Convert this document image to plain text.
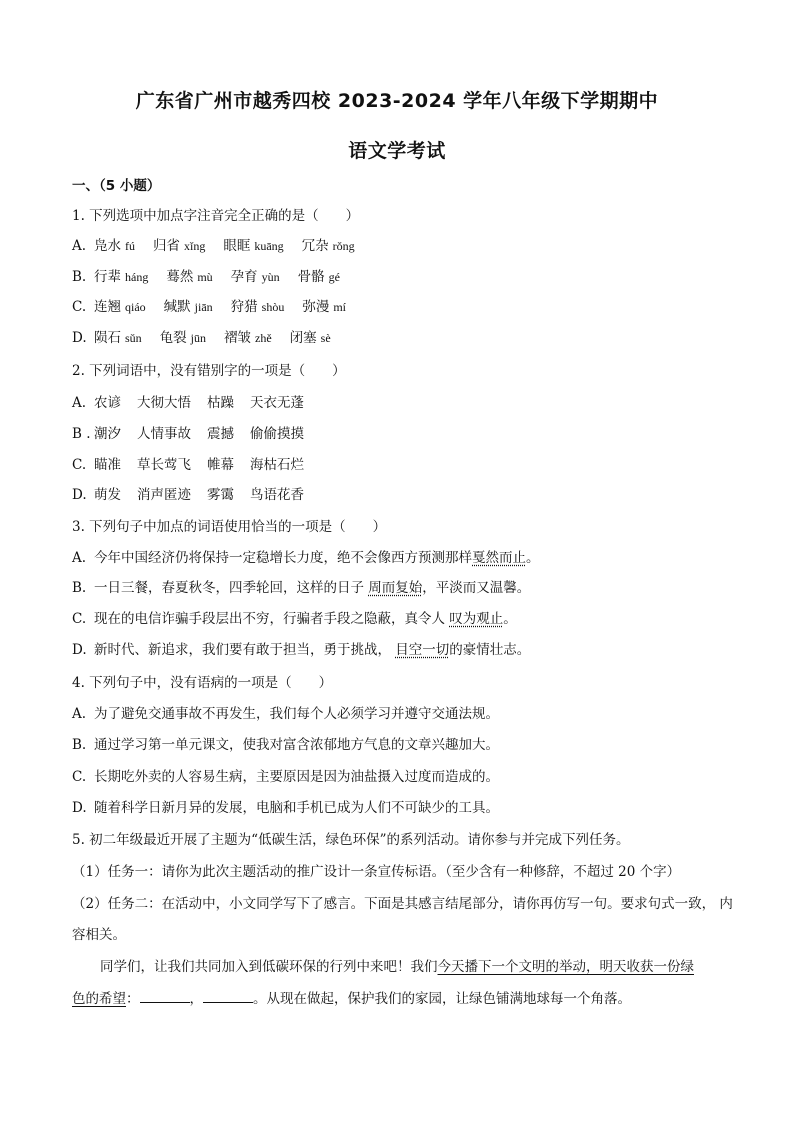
广东省广州市越秀四校 2023-2024 学年八年级下学期期中
语文学考试
一、（5 小题）
1. 下列选项中加点字注音完全正确的是（　　）
A. 凫水 fú 归省 xǐng 眼眶 kuāng 冗杂 rǒng
B. 行辈 háng 蓦然 mù 孕育 yùn 骨骼 gé
C. 连翘 qiáo 缄默 jiān 狩猎 shòu 弥漫 mí
D. 陨石 sǔn 龟裂 jūn 褶皱 zhě 闭塞 sè
2. 下列词语中，没有错别字的一项是（　　）
A. 农谚 大彻大悟 枯躁 天衣无蓬
B . 潮汐 人情事故 震撼 偷偷摸摸
C. 瞄准 草长莺飞 帷幕 海枯石烂
D. 萌发 消声匿迹 雾霭 鸟语花香
3. 下列句子中加点的词语使用恰当的一项是（　　）
A. 今年中国经济仍将保持一定稳增长力度，绝不会像西方预测那样戛然而止。
B. 一日三餐，春夏秋冬，四季轮回，这样的日子 周而复始，平淡而又温馨。
C. 现在的电信诈骗手段层出不穷，行骗者手段之隐蔽，真令人 叹为观止。
D. 新时代、新追求，我们要有敢于担当，勇于挑战， 目空一切的豪情壮志。
4. 下列句子中，没有语病的一项是（　　）
A. 为了避免交通事故不再发生，我们每个人必须学习并遵守交通法规。
B. 通过学习第一单元课文，使我对富含浓郁地方气息的文章兴趣加大。
C. 长期吃外卖的人容易生病，主要原因是因为油盐摄入过度而造成的。
D. 随着科学日新月异的发展，电脑和手机已成为人们不可缺少的工具。
5. 初二年级最近开展了主题为“低碳生活，绿色环保”的系列活动。请你参与并完成下列任务。
（1）任务一：请你为此次主题活动的推广设计一条宣传标语。（至少含有一种修辞，不超过 20 个字）
（2）任务二：在活动中，小文同学写下了感言。下面是其感言结尾部分，请你再仿写一句。要求句式一致， 内
容相关。
同学们，让我们共同加入到低碳环保的行列中来吧！我们今天播下一个文明的举动，明天收获一份绿
色的希望：	，	。从现在做起，保护我们的家园，让绿色铺满地球每一个角落。
